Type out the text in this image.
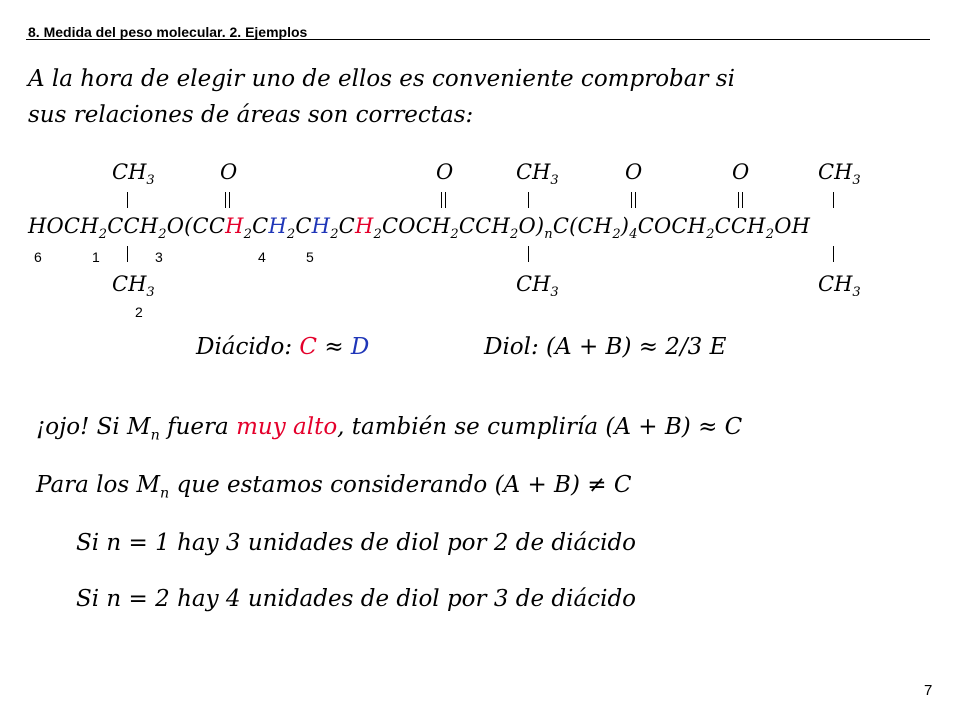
8. Medida del peso molecular. 2. Ejemplos
A la hora de elegir uno de ellos es conveniente comprobar si
sus relaciones de áreas son correctas:
$CH_3$	O	O	$CH_3$	O	O	$CH_3$
$HOCH_2CCH_2O(CCH_2CH_2CH_2CH_2COCH_2CCH_2O)_nC(CH_2)_4COCH_2CCH_2OH$
6	1	3	4	5
2
$CH_3$	$CH_3$	$CH_3$
Diácido: C ≈ D	Diol: (A + B) ≈ 2/3 E
¡ojo! Si $M_n$ fuera muy alto, también se cumpliría (A + B) ≈ C
Para los $M_n$ que estamos considerando (A + B) ≠ C
Si n = 1 hay 3 unidades de diol por 2 de diácido
Si n = 2 hay 4 unidades de diol por 3 de diácido
7
